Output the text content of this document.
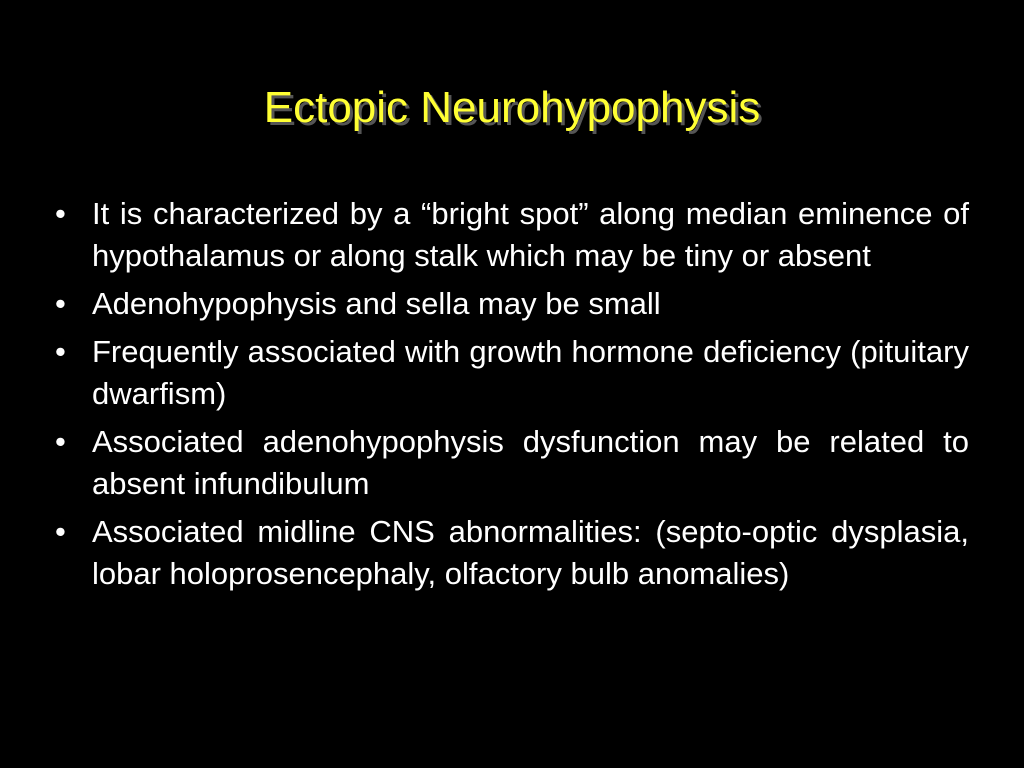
Ectopic Neurohypophysis
• It is characterized by a “bright spot” along median eminence of hypothalamus or along stalk which may be tiny or absent
• Adenohypophysis and sella may be small
• Frequently associated with growth hormone deficiency (pituitary dwarfism)
• Associated adenohypophysis dysfunction may be related to absent infundibulum
• Associated midline CNS abnormalities: (septo-optic dysplasia, lobar holoprosencephaly, olfactory bulb anomalies)
